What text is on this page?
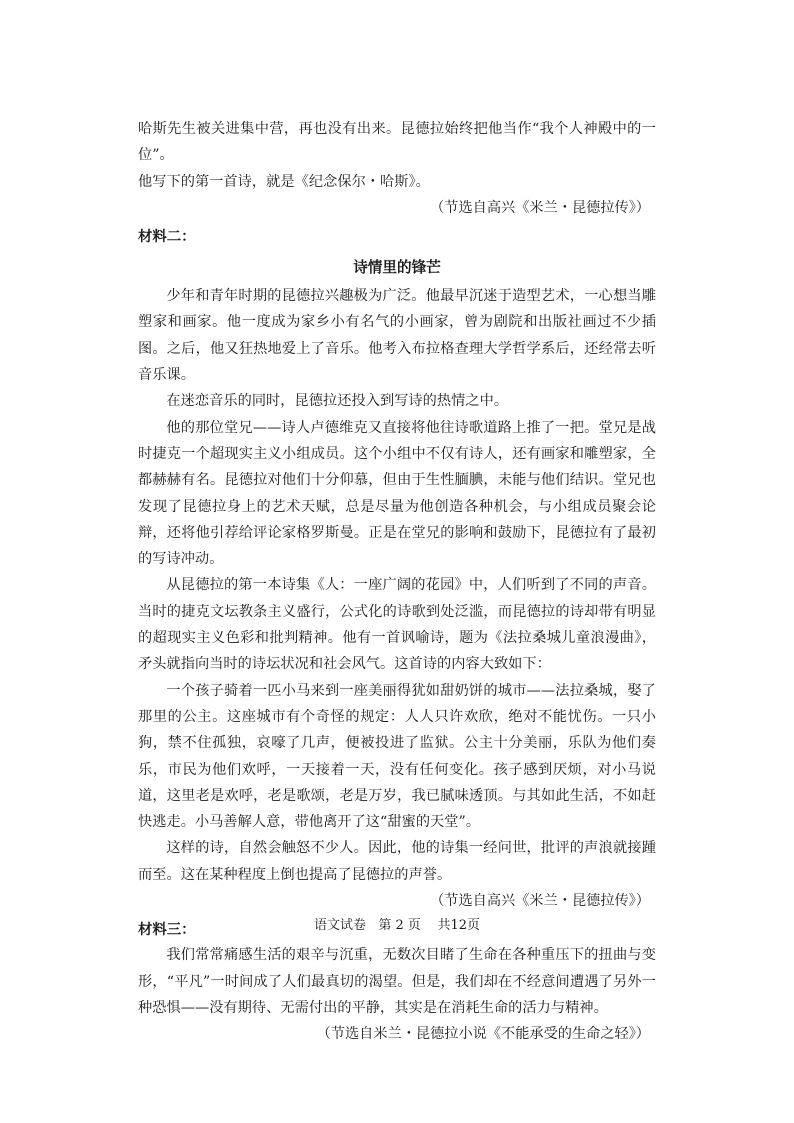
哈斯先生被关进集中营，再也没有出来。昆德拉始终把他当作“我个人神殿中的一位”。

他写下的第一首诗，就是《纪念保尔・哈斯》。

（节选自高兴《米兰・昆德拉传》）

材料二：
诗情里的锋芒

少年和青年时期的昆德拉兴趣极为广泛。他最早沉迷于造型艺术，一心想当雕塑家和画家。他一度成为家乡小有名气的小画家，曾为剧院和出版社画过不少插图。之后，他又狂热地爱上了音乐。他考入布拉格查理大学哲学系后，还经常去听音乐课。

在迷恋音乐的同时，昆德拉还投入到写诗的热情之中。

他的那位堂兄——诗人卢德维克又直接将他往诗歌道路上推了一把。堂兄是战时捷克一个超现实主义小组成员。这个小组中不仅有诗人，还有画家和雕塑家，全都赫赫有名。昆德拉对他们十分仰慕，但由于生性腼腆，未能与他们结识。堂兄也发现了昆德拉身上的艺术天赋，总是尽量为他创造各种机会，与小组成员聚会论辩，还将他引荐给评论家格罗斯曼。正是在堂兄的影响和鼓励下，昆德拉有了最初的写诗冲动。

从昆德拉的第一本诗集《人：一座广阔的花园》中，人们听到了不同的声音。当时的捷克文坛教条主义盛行，公式化的诗歌到处泛滥，而昆德拉的诗却带有明显的超现实主义色彩和批判精神。他有一首讽喻诗，题为《法拉桑城儿童浪漫曲》，矛头就指向当时的诗坛状况和社会风气。这首诗的内容大致如下：

一个孩子骑着一匹小马来到一座美丽得犹如甜奶饼的城市——法拉桑城，娶了那里的公主。这座城市有个奇怪的规定：人人只许欢欣，绝对不能忧伤。一只小狗，禁不住孤独，哀嚎了几声，便被投进了监狱。公主十分美丽，乐队为他们奏乐，市民为他们欢呼，一天接着一天，没有任何变化。孩子感到厌烦，对小马说道，这里老是欢呼，老是歌颂，老是万岁，我已腻味透顶。与其如此生活，不如赶快逃走。小马善解人意，带他离开了这“甜蜜的天堂”。

这样的诗，自然会触怒不少人。因此，他的诗集一经问世，批评的声浪就接踵而至。这在某种程度上倒也提高了昆德拉的声誉。

（节选自高兴《米兰・昆德拉传》）

材料三：

我们常常痛感生活的艰辛与沉重，无数次目睹了生命在各种重压下的扭曲与变形，“平凡”一时间成了人们最真切的渴望。但是，我们却在不经意间遭遇了另外一种恐惧——没有期待、无需付出的平静，其实是在消耗生命的活力与精神。

（节选自米兰・昆德拉小说《不能承受的生命之轻》）

语文试卷   第 2 页    共12页
